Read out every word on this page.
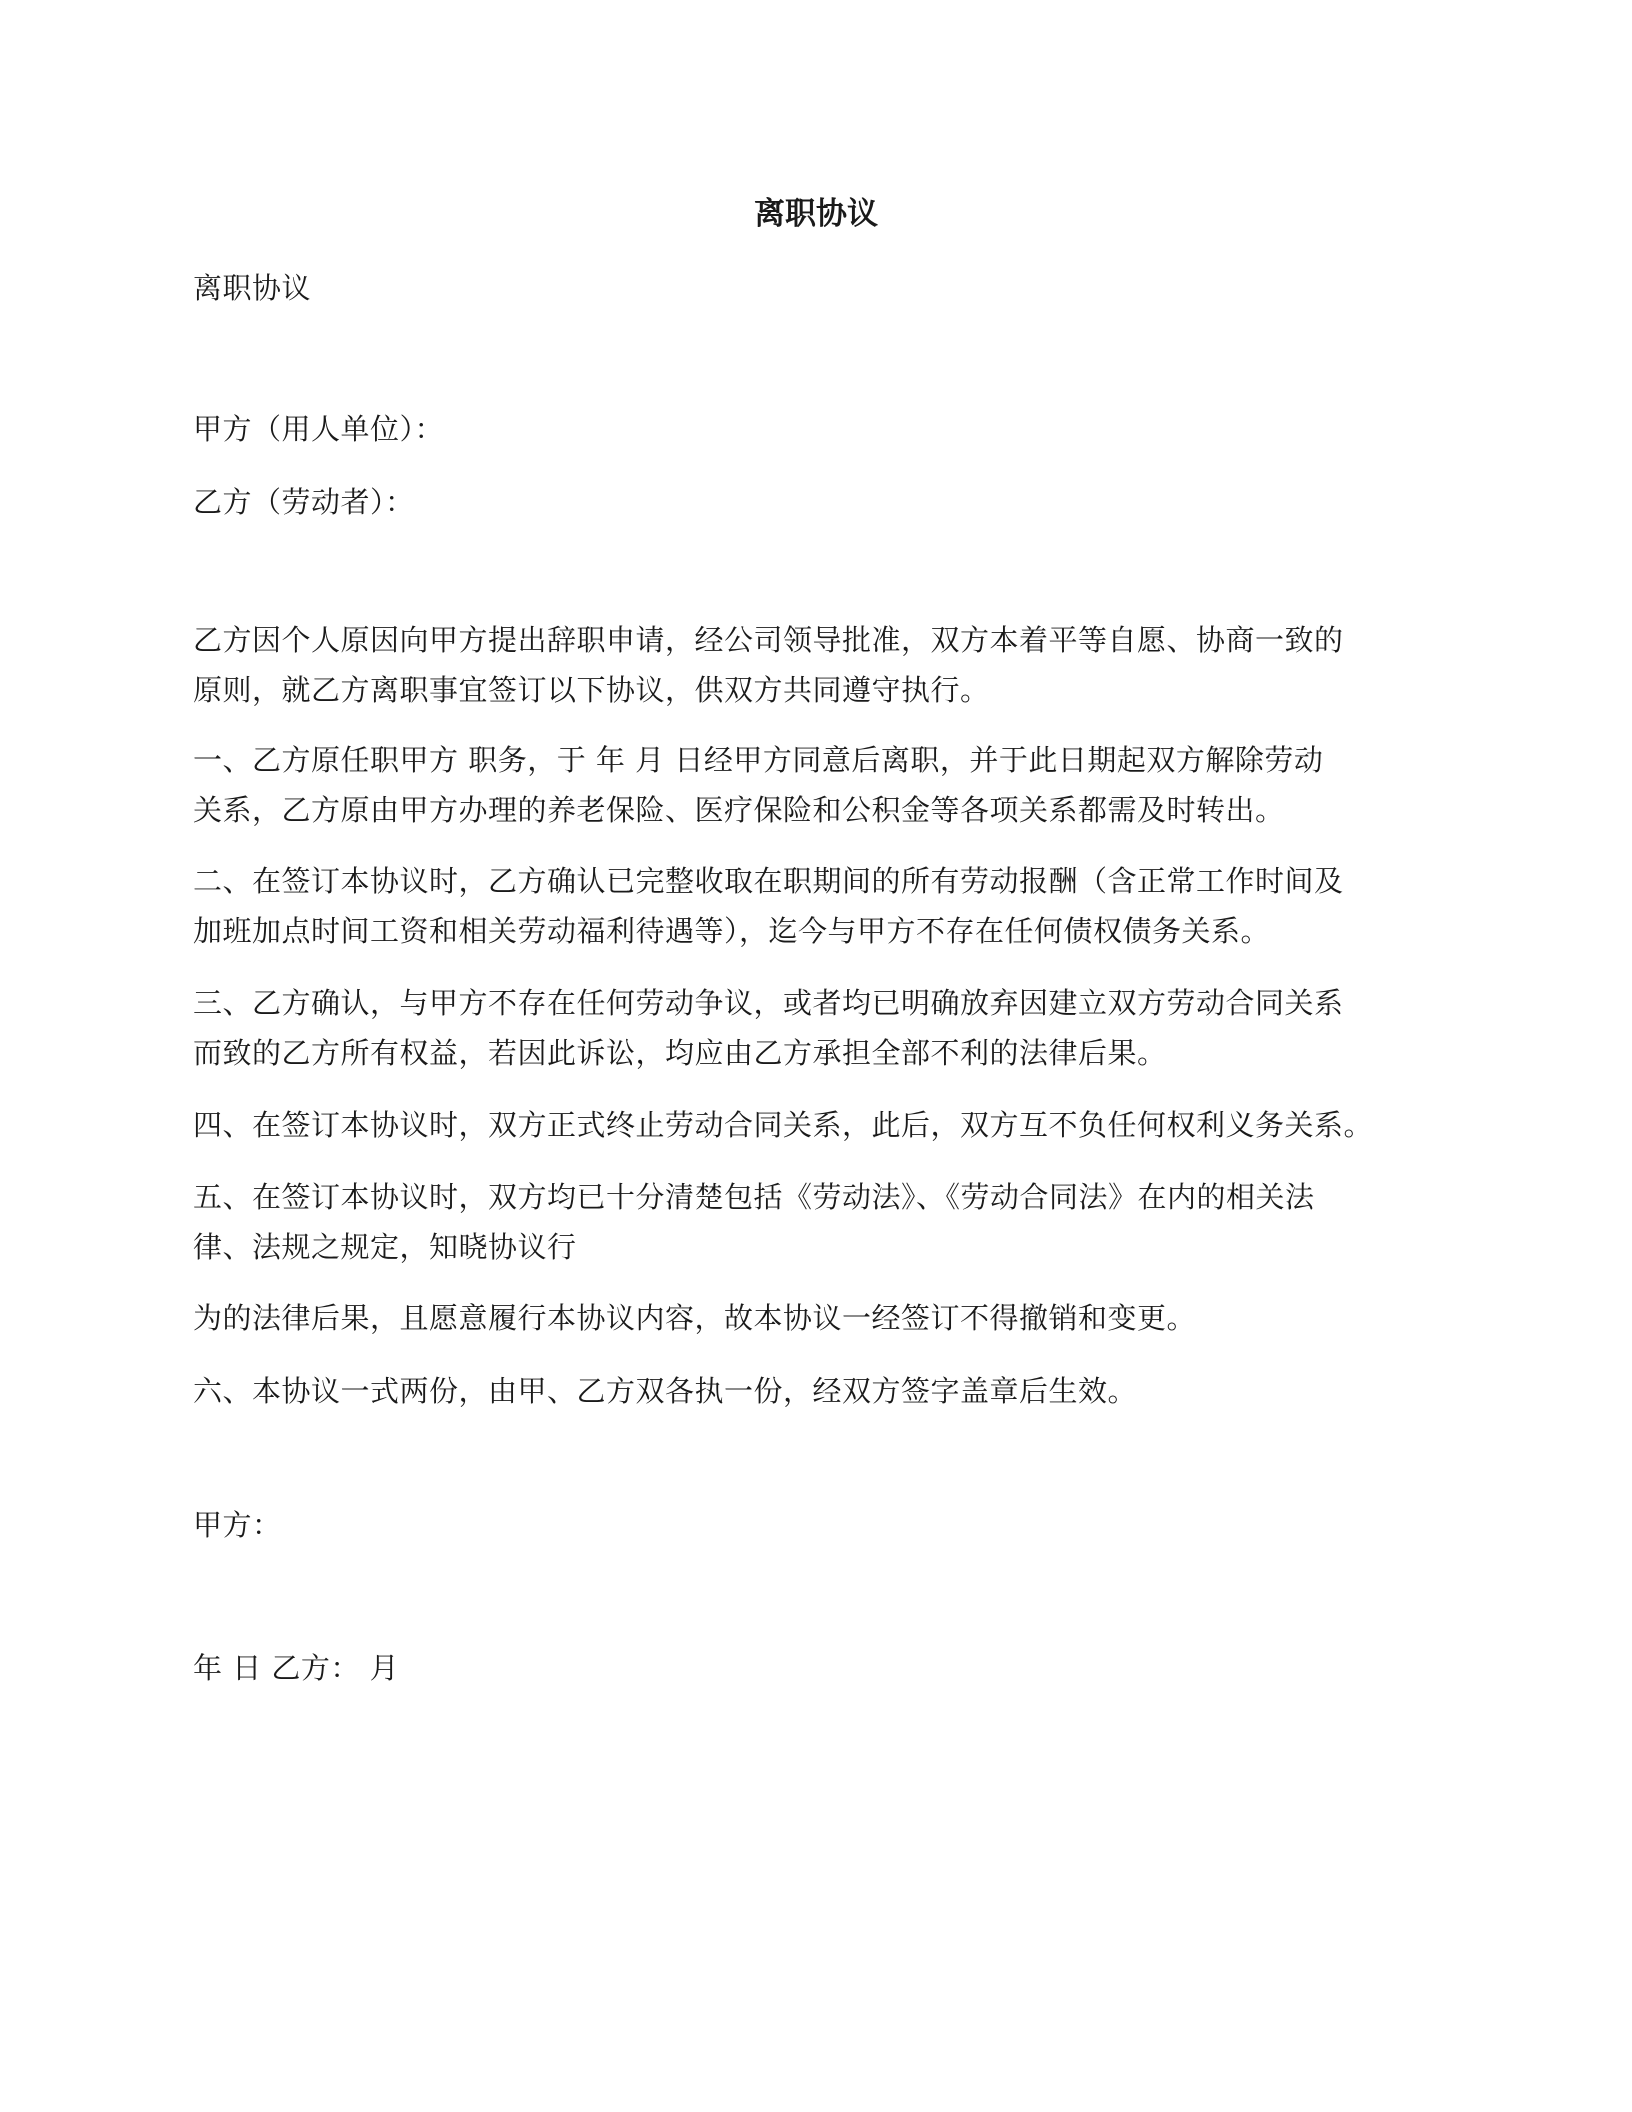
离职协议

离职协议

甲方（用人单位）：

乙方（劳动者）：

乙方因个人原因向甲方提出辞职申请，经公司领导批准，双方本着平等自愿、协商一致的
原则，就乙方离职事宜签订以下协议，供双方共同遵守执行。
一、乙方原任职甲方 职务，于 年 月 日经甲方同意后离职，并于此日期起双方解除劳动
关系，乙方原由甲方办理的养老保险、医疗保险和公积金等各项关系都需及时转出。
二、在签订本协议时，乙方确认已完整收取在职期间的所有劳动报酬（含正常工作时间及
加班加点时间工资和相关劳动福利待遇等），迄今与甲方不存在任何债权债务关系。
三、乙方确认，与甲方不存在任何劳动争议，或者均已明确放弃因建立双方劳动合同关系
而致的乙方所有权益，若因此诉讼，均应由乙方承担全部不利的法律后果。
四、在签订本协议时，双方正式终止劳动合同关系，此后，双方互不负任何权利义务关系。
五、在签订本协议时，双方均已十分清楚包括《劳动法》、《劳动合同法》在内的相关法
律、法规之规定，知晓协议行
为的法律后果，且愿意履行本协议内容，故本协议一经签订不得撤销和变更。
六、本协议一式两份，由甲、乙方双各执一份，经双方签字盖章后生效。

甲方：

年 日 乙方： 月
